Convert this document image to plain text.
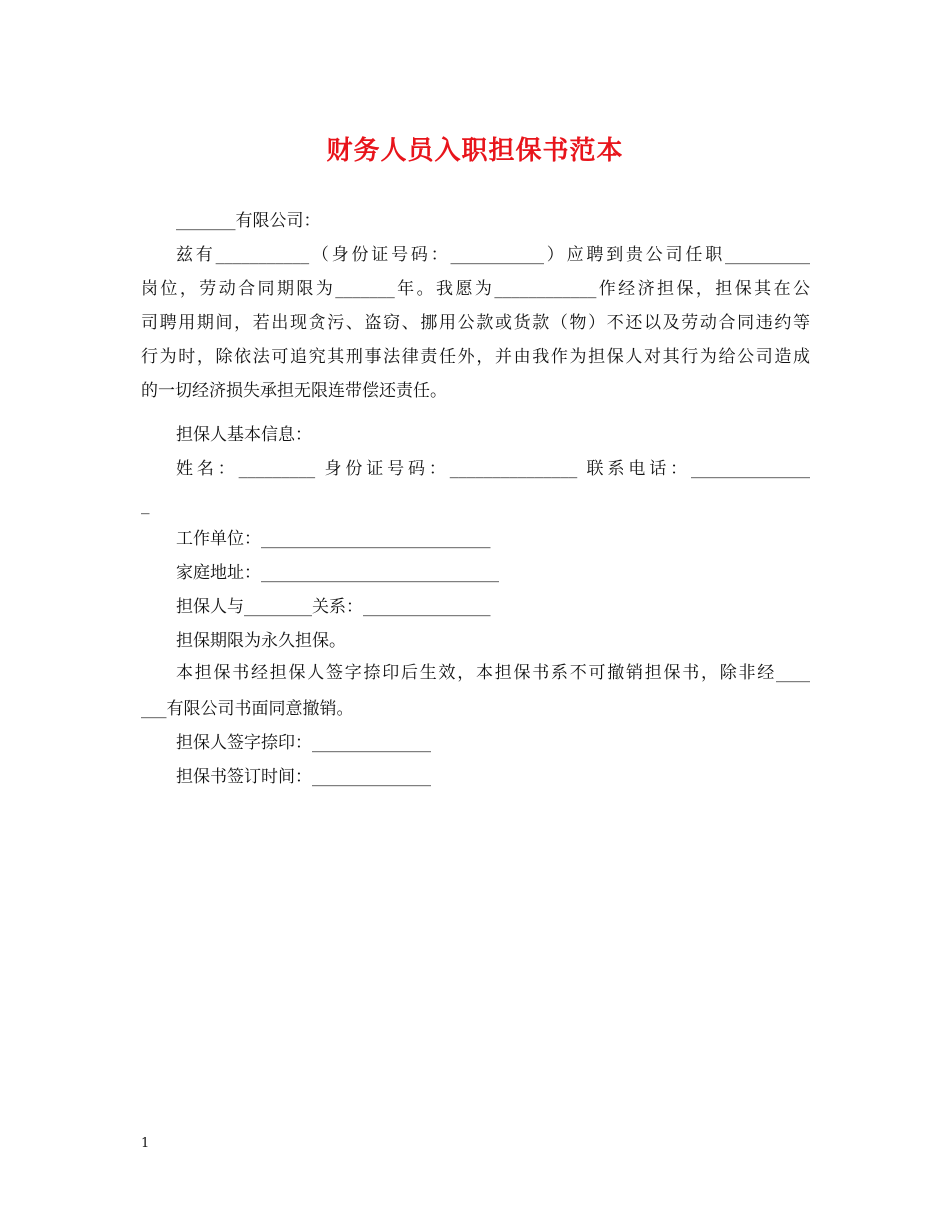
财务人员入职担保书范本
_______有限公司：
兹有___________（身份证号码：___________）应聘到贵公司任职__________
岗位，劳动合同期限为_______年。我愿为____________作经济担保，担保其在公
司聘用期间，若出现贪污、盗窃、挪用公款或货款（物）不还以及劳动合同违约等
行为时，除依法可追究其刑事法律责任外，并由我作为担保人对其行为给公司造成
的一切经济损失承担无限连带偿还责任。
担保人基本信息：
姓名：_________ 身份证号码：_______________ 联系电话：______________
_
工作单位：___________________________
家庭地址：____________________________
担保人与________关系：_______________
担保期限为永久担保。
本担保书经担保人签字捺印后生效，本担保书系不可撤销担保书，除非经____
___有限公司书面同意撤销。
担保人签字捺印：______________
担保书签订时间：______________
1
